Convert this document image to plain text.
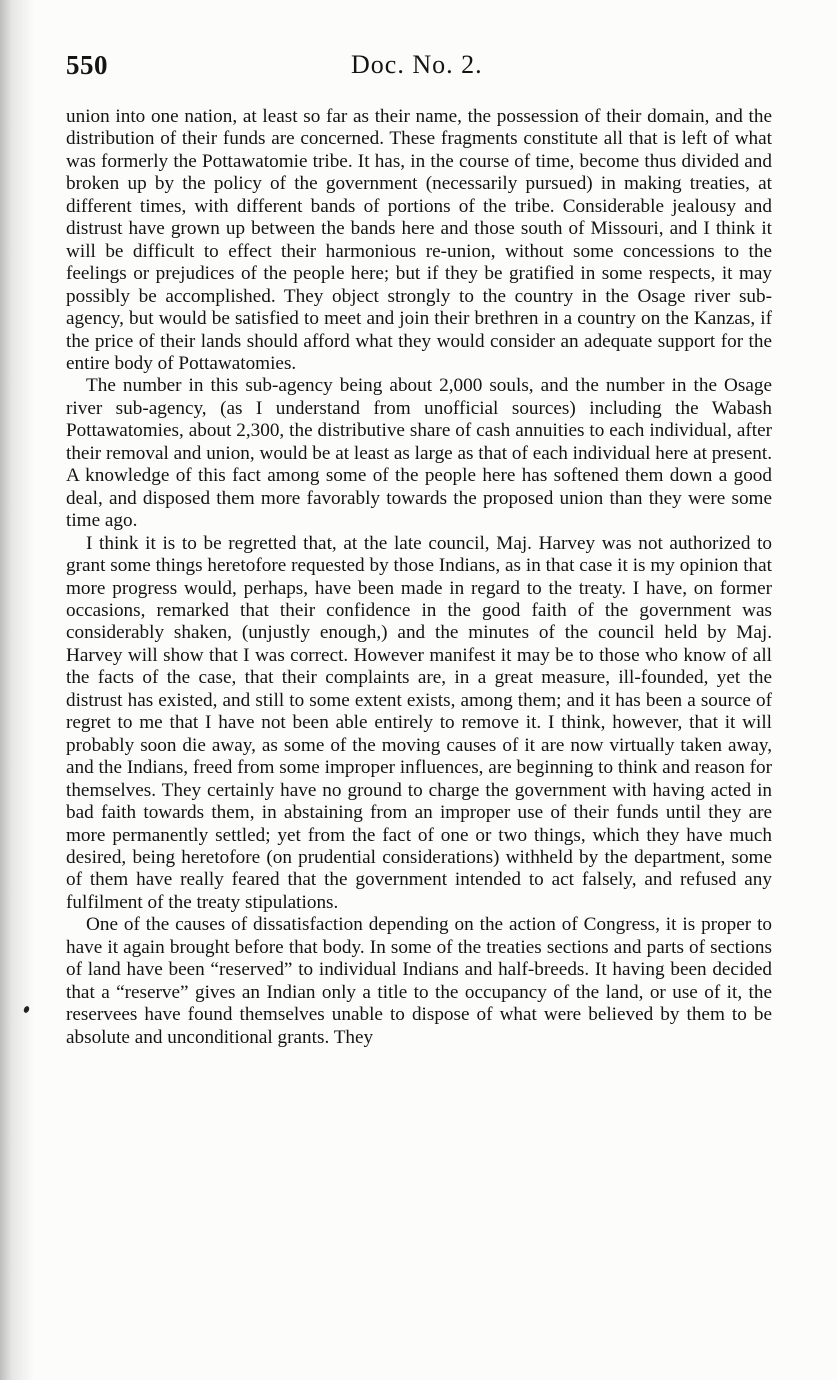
550	Doc. No. 2.

union into one nation, at least so far as their name, the possession of their domain, and the distribution of their funds are concerned. These fragments constitute all that is left of what was formerly the Pottawatomie tribe. It has, in the course of time, become thus divided and broken up by the policy of the government (necessarily pursued) in making treaties, at different times, with different bands of portions of the tribe. Considerable jealousy and distrust have grown up between the bands here and those south of Missouri, and I think it will be difficult to effect their harmonious re-union, without some concessions to the feelings or prejudices of the people here; but if they be gratified in some respects, it may possibly be accomplished. They object strongly to the country in the Osage river sub-agency, but would be satisfied to meet and join their brethren in a country on the Kanzas, if the price of their lands should afford what they would consider an adequate support for the entire body of Pottawatomies.

The number in this sub-agency being about 2,000 souls, and the number in the Osage river sub-agency, (as I understand from unofficial sources) including the Wabash Pottawatomies, about 2,300, the distributive share of cash annuities to each individual, after their removal and union, would be at least as large as that of each individual here at present. A knowledge of this fact among some of the people here has softened them down a good deal, and disposed them more favorably towards the proposed union than they were some time ago.

I think it is to be regretted that, at the late council, Maj. Harvey was not authorized to grant some things heretofore requested by those Indians, as in that case it is my opinion that more progress would, perhaps, have been made in regard to the treaty. I have, on former occasions, remarked that their confidence in the good faith of the government was considerably shaken, (unjustly enough,) and the minutes of the council held by Maj. Harvey will show that I was correct. However manifest it may be to those who know of all the facts of the case, that their complaints are, in a great measure, ill-founded, yet the distrust has existed, and still to some extent exists, among them; and it has been a source of regret to me that I have not been able entirely to remove it. I think, however, that it will probably soon die away, as some of the moving causes of it are now virtually taken away, and the Indians, freed from some improper influences, are beginning to think and reason for themselves. They certainly have no ground to charge the government with having acted in bad faith towards them, in abstaining from an improper use of their funds until they are more permanently settled; yet from the fact of one or two things, which they have much desired, being heretofore (on prudential considerations) withheld by the department, some of them have really feared that the government intended to act falsely, and refused any fulfilment of the treaty stipulations.

One of the causes of dissatisfaction depending on the action of Congress, it is proper to have it again brought before that body. In some of the treaties sections and parts of sections of land have been “reserved” to individual Indians and half-breeds. It having been decided that a “reserve” gives an Indian only a title to the occupancy of the land, or use of it, the reservees have found themselves unable to dispose of what were believed by them to be absolute and unconditional grants. They
